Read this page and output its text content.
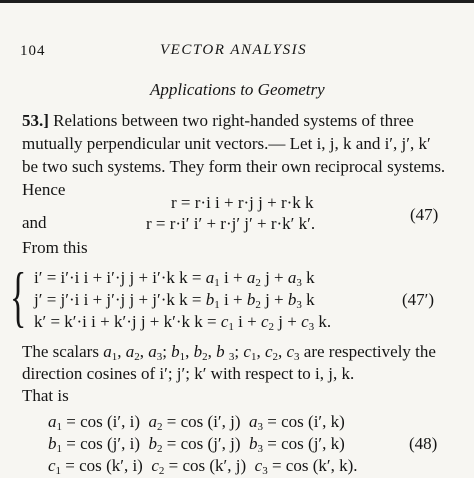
104	VECTOR ANALYSIS
Applications to Geometry
53.] Relations between two right-handed systems of three
mutually perpendicular unit vectors.— Let i, j, k and i′, j′, k′
be two such systems. They form their own reciprocal systems.
Hence
r = r·i i + r·j j + r·k k
and	r = r·i′ i′ + r·j′ j′ + r·k′ k′.	(47)
From this
{ i′ = i′·i i + i′·j j + i′·k $k = a_1$ $i + a_2$ $j + a_3$ k
j′ = j′·i i + j′·j j + j′·k $k = b_1$ $i + b_2$ $j + b_3$ k
k′ = k′·i i + k′·j j + k′·k $k = c_1$ $i + c_2$ $j + c_3$ k.
(47′)
The scalars $a_1$, $a_2$, $a_3$; $b_1$, $b_2$, b $_3$; $c_1$, $c_2$, $c_3$ are respectively the
direction cosines of i′; j′; k′ with respect to i, j, k.
That is
$a_1 = \cos (i'$, i) $a_2 = \cos (i'$, j) $a_3 = \cos (i'$, k)
$b_1 = \cos (j'$, i) $b_2 = \cos (j'$, j) $b_3 = \cos (j'$, k)
$c_1 = \cos (k'$, i) $c_2 = \cos (k'$, j) $c_3 = \cos (k'$, k).
(48)
